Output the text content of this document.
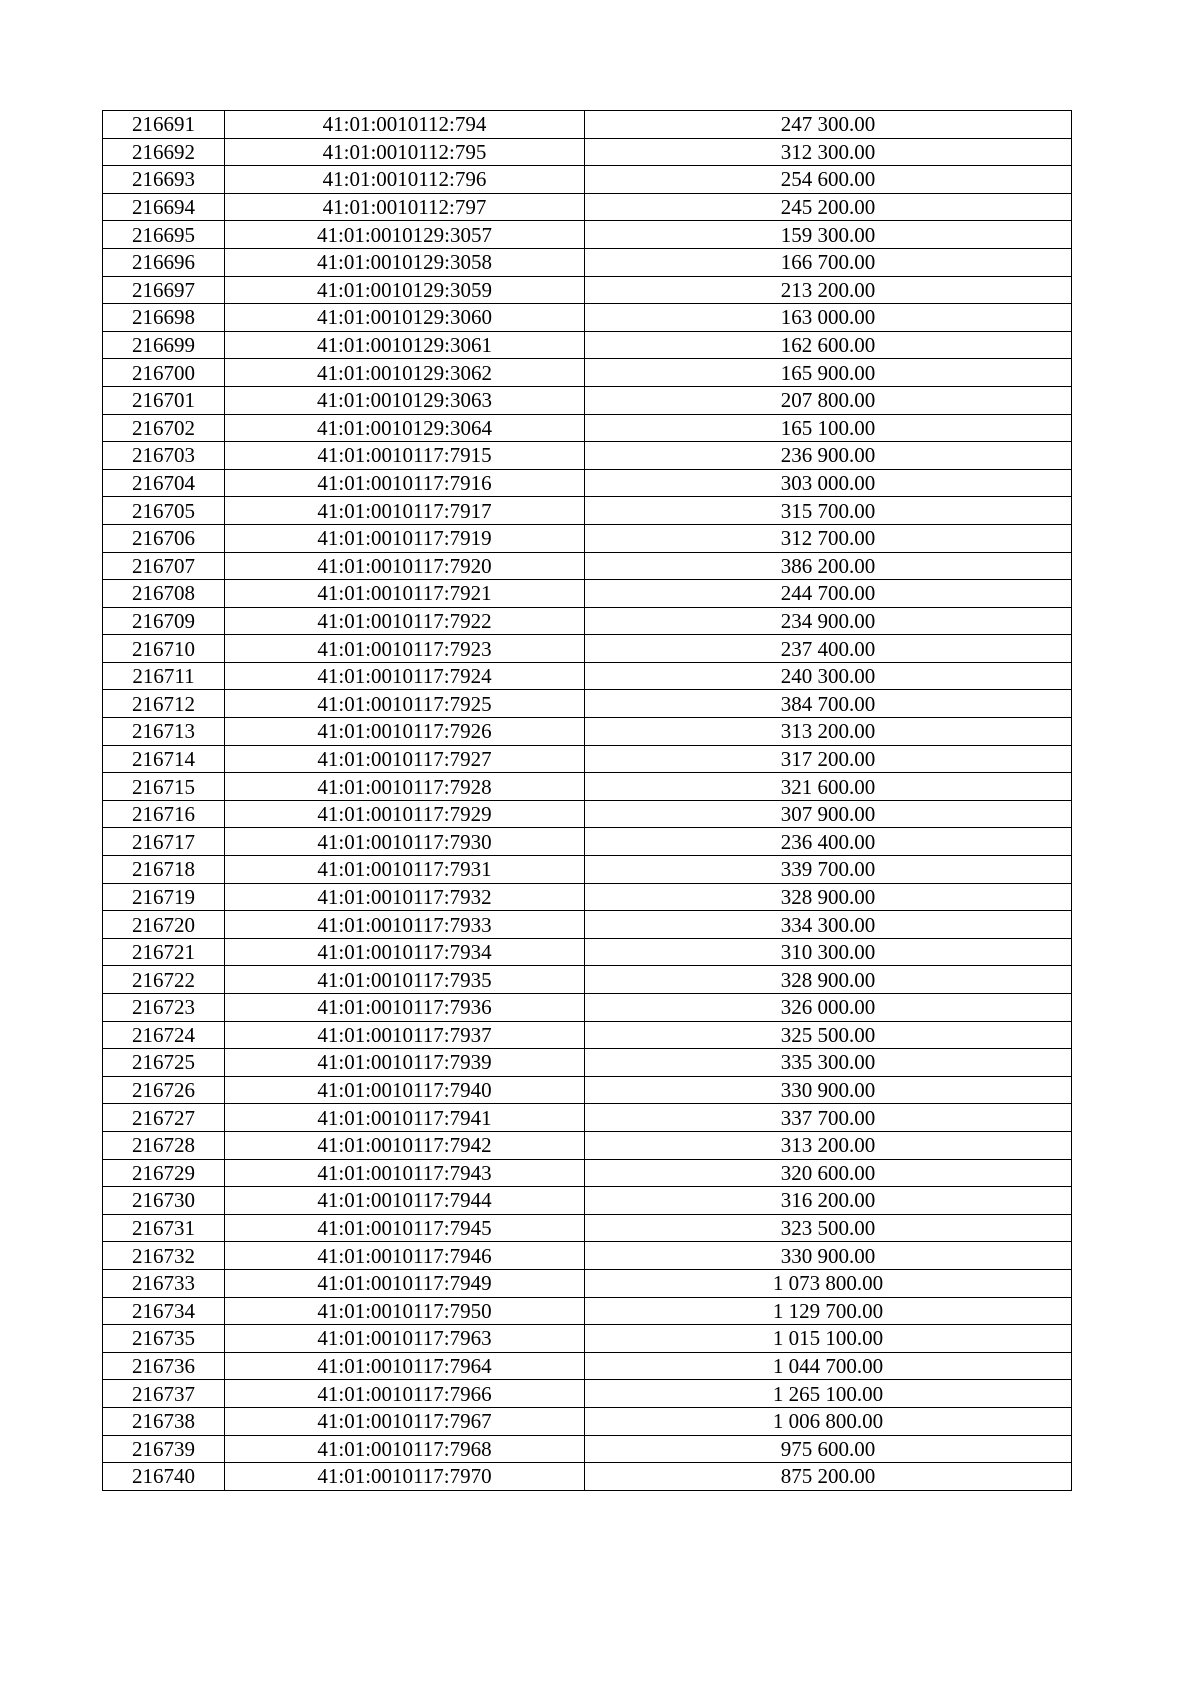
216691	41:01:0010112:794	247 300.00
216692	41:01:0010112:795	312 300.00
216693	41:01:0010112:796	254 600.00
216694	41:01:0010112:797	245 200.00
216695	41:01:0010129:3057	159 300.00
216696	41:01:0010129:3058	166 700.00
216697	41:01:0010129:3059	213 200.00
216698	41:01:0010129:3060	163 000.00
216699	41:01:0010129:3061	162 600.00
216700	41:01:0010129:3062	165 900.00
216701	41:01:0010129:3063	207 800.00
216702	41:01:0010129:3064	165 100.00
216703	41:01:0010117:7915	236 900.00
216704	41:01:0010117:7916	303 000.00
216705	41:01:0010117:7917	315 700.00
216706	41:01:0010117:7919	312 700.00
216707	41:01:0010117:7920	386 200.00
216708	41:01:0010117:7921	244 700.00
216709	41:01:0010117:7922	234 900.00
216710	41:01:0010117:7923	237 400.00
216711	41:01:0010117:7924	240 300.00
216712	41:01:0010117:7925	384 700.00
216713	41:01:0010117:7926	313 200.00
216714	41:01:0010117:7927	317 200.00
216715	41:01:0010117:7928	321 600.00
216716	41:01:0010117:7929	307 900.00
216717	41:01:0010117:7930	236 400.00
216718	41:01:0010117:7931	339 700.00
216719	41:01:0010117:7932	328 900.00
216720	41:01:0010117:7933	334 300.00
216721	41:01:0010117:7934	310 300.00
216722	41:01:0010117:7935	328 900.00
216723	41:01:0010117:7936	326 000.00
216724	41:01:0010117:7937	325 500.00
216725	41:01:0010117:7939	335 300.00
216726	41:01:0010117:7940	330 900.00
216727	41:01:0010117:7941	337 700.00
216728	41:01:0010117:7942	313 200.00
216729	41:01:0010117:7943	320 600.00
216730	41:01:0010117:7944	316 200.00
216731	41:01:0010117:7945	323 500.00
216732	41:01:0010117:7946	330 900.00
216733	41:01:0010117:7949	1 073 800.00
216734	41:01:0010117:7950	1 129 700.00
216735	41:01:0010117:7963	1 015 100.00
216736	41:01:0010117:7964	1 044 700.00
216737	41:01:0010117:7966	1 265 100.00
216738	41:01:0010117:7967	1 006 800.00
216739	41:01:0010117:7968	975 600.00
216740	41:01:0010117:7970	875 200.00
